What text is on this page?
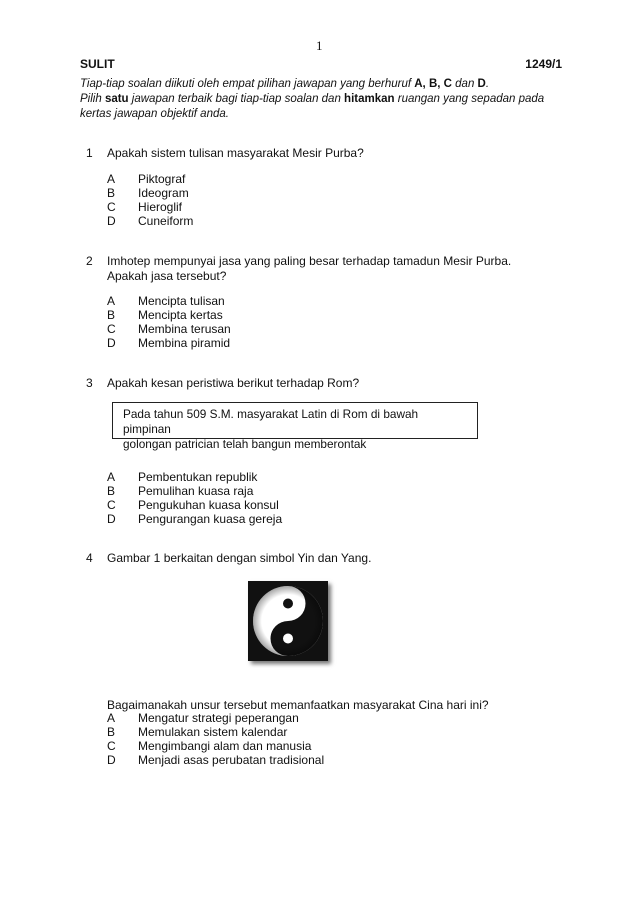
1
SULIT	1249/1
Tiap-tiap soalan diikuti oleh empat pilihan jawapan yang berhuruf A, B, C dan D.
Pilih satu jawapan terbaik bagi tiap-tiap soalan dan hitamkan ruangan yang sepadan pada kertas jawapan objektif anda.
1 Apakah sistem tulisan masyarakat Mesir Purba?
A Piktograf
B Ideogram
C Hieroglif
D Cuneiform
2 Imhotep mempunyai jasa yang paling besar terhadap tamadun Mesir Purba.
Apakah jasa tersebut?
A Mencipta tulisan
B Mencipta kertas
C Membina terusan
D Membina piramid
3 Apakah kesan peristiwa berikut terhadap Rom?
Pada tahun 509 S.M. masyarakat Latin di Rom di bawah pimpinan
golongan patrician telah bangun memberontak
A Pembentukan republik
B Pemulihan kuasa raja
C Pengukuhan kuasa konsul
D Pengurangan kuasa gereja
4 Gambar 1 berkaitan dengan simbol Yin dan Yang.
Bagaimanakah unsur tersebut memanfaatkan masyarakat Cina hari ini?
A Mengatur strategi peperangan
B Memulakan sistem kalendar
C Mengimbangi alam dan manusia
D Menjadi asas perubatan tradisional
